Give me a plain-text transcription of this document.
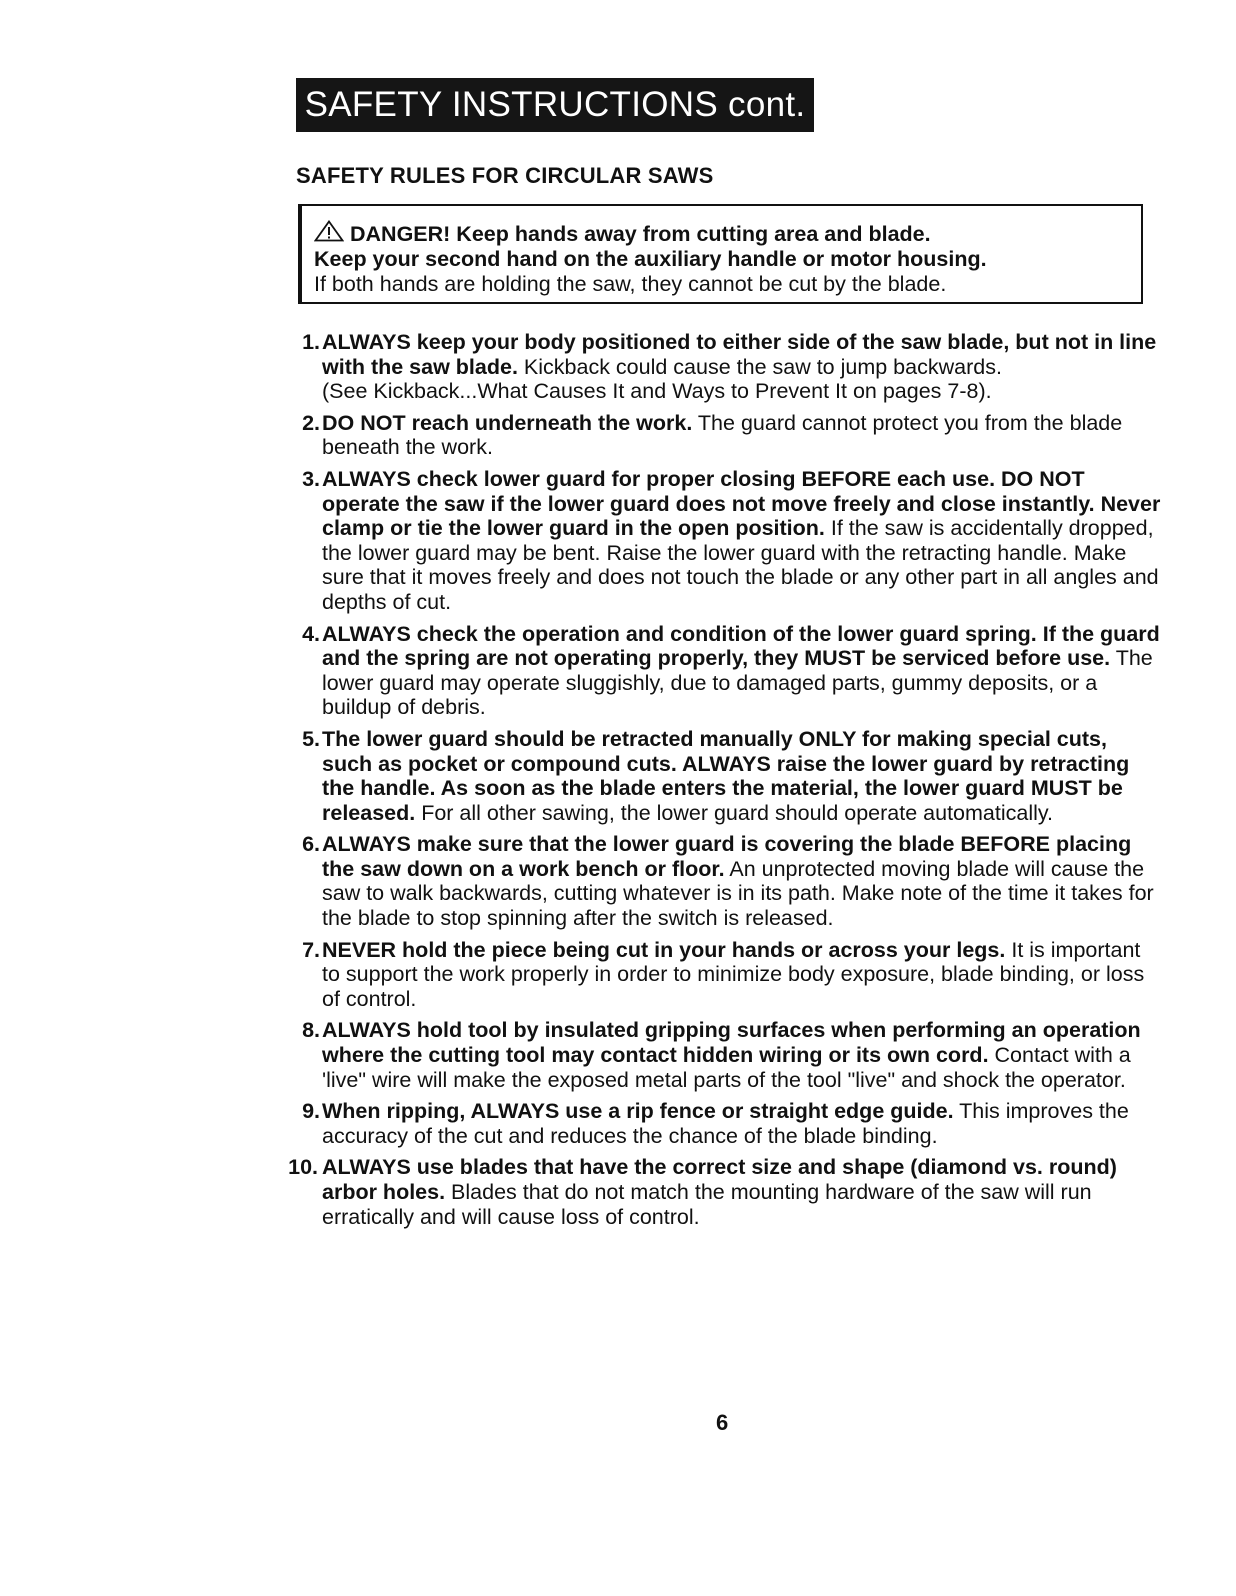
SAFETY INSTRUCTIONS cont.
SAFETY RULES FOR CIRCULAR SAWS
DANGER! Keep hands away from cutting area and blade.
Keep your second hand on the auxiliary handle or motor housing.
If both hands are holding the saw, they cannot be cut by the blade.
1. ALWAYS keep your body positioned to either side of the saw blade, but not in line with the saw blade. Kickback could cause the saw to jump backwards.
(See Kickback...What Causes It and Ways to Prevent It on pages 7-8).
2. DO NOT reach underneath the work. The guard cannot protect you from the blade beneath the work.
3. ALWAYS check lower guard for proper closing BEFORE each use. DO NOT operate the saw if the lower guard does not move freely and close instantly. Never clamp or tie the lower guard in the open position. If the saw is accidentally dropped, the lower guard may be bent. Raise the lower guard with the retracting handle. Make sure that it moves freely and does not touch the blade or any other part in all angles and depths of cut.
4. ALWAYS check the operation and condition of the lower guard spring. If the guard and the spring are not operating properly, they MUST be serviced before use. The lower guard may operate sluggishly, due to damaged parts, gummy deposits, or a buildup of debris.
5. The lower guard should be retracted manually ONLY for making special cuts, such as pocket or compound cuts. ALWAYS raise the lower guard by retracting the handle. As soon as the blade enters the material, the lower guard MUST be released. For all other sawing, the lower guard should operate automatically.
6. ALWAYS make sure that the lower guard is covering the blade BEFORE placing the saw down on a work bench or floor. An unprotected moving blade will cause the saw to walk backwards, cutting whatever is in its path. Make note of the time it takes for the blade to stop spinning after the switch is released.
7. NEVER hold the piece being cut in your hands or across your legs. It is important to support the work properly in order to minimize body exposure, blade binding, or loss of control.
8. ALWAYS hold tool by insulated gripping surfaces when performing an operation where the cutting tool may contact hidden wiring or its own cord. Contact with a 'live" wire will make the exposed metal parts of the tool "live" and shock the operator.
9. When ripping, ALWAYS use a rip fence or straight edge guide. This improves the accuracy of the cut and reduces the chance of the blade binding.
10. ALWAYS use blades that have the correct size and shape (diamond vs. round) arbor holes. Blades that do not match the mounting hardware of the saw will run erratically and will cause loss of control.
6
